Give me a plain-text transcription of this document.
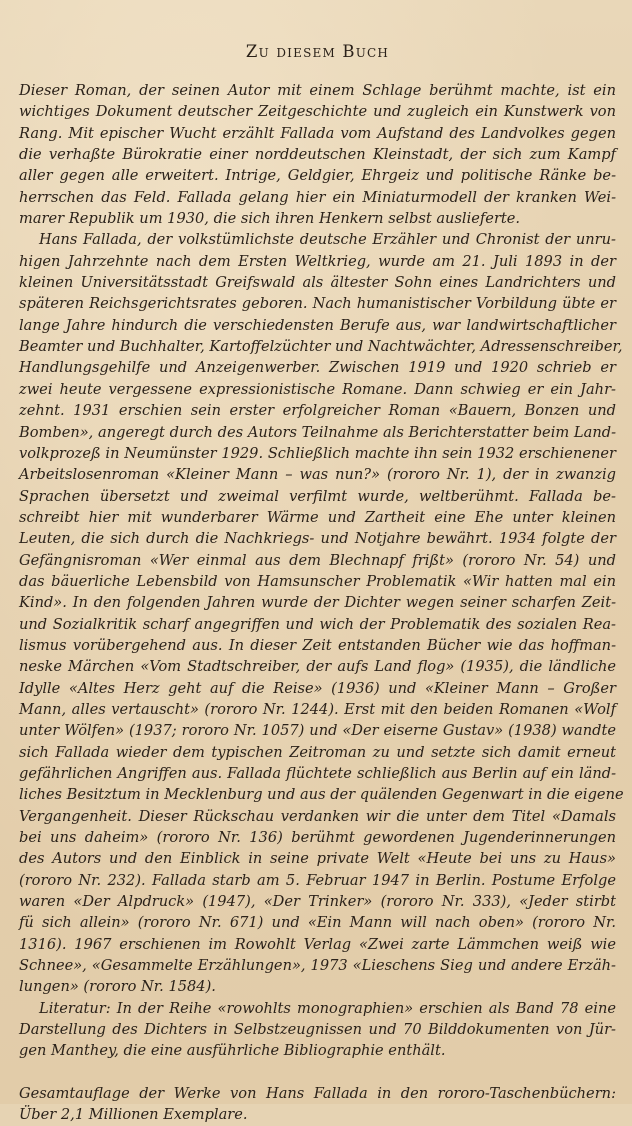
Zu diesem Buch

Dieser Roman, der seinen Autor mit einem Schlage berühmt machte, ist ein
wichtiges Dokument deutscher Zeitgeschichte und zugleich ein Kunstwerk von
Rang. Mit epischer Wucht erzählt Fallada vom Aufstand des Landvolkes gegen
die verhaßte Bürokratie einer norddeutschen Kleinstadt, der sich zum Kampf
aller gegen alle erweitert. Intrige, Geldgier, Ehrgeiz und politische Ränke be-
herrschen das Feld. Fallada gelang hier ein Miniaturmodell der kranken Wei-
marer Republik um 1930, die sich ihren Henkern selbst auslieferte.

Hans Fallada, der volkstümlichste deutsche Erzähler und Chronist der unru-
higen Jahrzehnte nach dem Ersten Weltkrieg, wurde am 21. Juli 1893 in der
kleinen Universitätsstadt Greifswald als ältester Sohn eines Landrichters und
späteren Reichsgerichtsrates geboren. Nach humanistischer Vorbildung übte er
lange Jahre hindurch die verschiedensten Berufe aus, war landwirtschaftlicher
Beamter und Buchhalter, Kartoffelzüchter und Nachtwächter, Adressenschreiber,
Handlungsgehilfe und Anzeigenwerber. Zwischen 1919 und 1920 schrieb er
zwei heute vergessene expressionistische Romane. Dann schwieg er ein Jahr-
zehnt. 1931 erschien sein erster erfolgreicher Roman «Bauern, Bonzen und
Bomben», angeregt durch des Autors Teilnahme als Berichterstatter beim Land-
volkprozeß in Neumünster 1929. Schließlich machte ihn sein 1932 erschienener
Arbeitslosenroman «Kleiner Mann – was nun?» (rororo Nr. 1), der in zwanzig
Sprachen übersetzt und zweimal verfilmt wurde, weltberühmt. Fallada be-
schreibt hier mit wunderbarer Wärme und Zartheit eine Ehe unter kleinen
Leuten, die sich durch die Nachkriegs- und Notjahre bewährt. 1934 folgte der
Gefängnisroman «Wer einmal aus dem Blechnapf frißt» (rororo Nr. 54) und
das bäuerliche Lebensbild von Hamsunscher Problematik «Wir hatten mal ein
Kind». In den folgenden Jahren wurde der Dichter wegen seiner scharfen Zeit-
und Sozialkritik scharf angegriffen und wich der Problematik des sozialen Rea-
lismus vorübergehend aus. In dieser Zeit entstanden Bücher wie das hoffman-
neske Märchen «Vom Stadtschreiber, der aufs Land flog» (1935), die ländliche
Idylle «Altes Herz geht auf die Reise» (1936) und «Kleiner Mann – Großer
Mann, alles vertauscht» (rororo Nr. 1244). Erst mit den beiden Romanen «Wolf
unter Wölfen» (1937; rororo Nr. 1057) und «Der eiserne Gustav» (1938) wandte
sich Fallada wieder dem typischen Zeitroman zu und setzte sich damit erneut
gefährlichen Angriffen aus. Fallada flüchtete schließlich aus Berlin auf ein länd-
liches Besitztum in Mecklenburg und aus der quälenden Gegenwart in die eigene
Vergangenheit. Dieser Rückschau verdanken wir die unter dem Titel «Damals
bei uns daheim» (rororo Nr. 136) berühmt gewordenen Jugenderinnerungen
des Autors und den Einblick in seine private Welt «Heute bei uns zu Haus»
(rororo Nr. 232). Fallada starb am 5. Februar 1947 in Berlin. Postume Erfolge
waren «Der Alpdruck» (1947), «Der Trinker» (rororo Nr. 333), «Jeder stirbt
fü sich allein» (rororo Nr. 671) und «Ein Mann will nach oben» (rororo Nr.
1316). 1967 erschienen im Rowohlt Verlag «Zwei zarte Lämmchen weiß wie
Schnee», «Gesammelte Erzählungen», 1973 «Lieschens Sieg und andere Erzäh-
lungen» (rororo Nr. 1584).

Literatur: In der Reihe «rowohlts monographien» erschien als Band 78 eine
Darstellung des Dichters in Selbstzeugnissen und 70 Bilddokumenten von Jür-
gen Manthey, die eine ausführliche Bibliographie enthält.

Gesamtauflage der Werke von Hans Fallada in den rororo-Taschenbüchern:
Über 2,1 Millionen Exemplare.
